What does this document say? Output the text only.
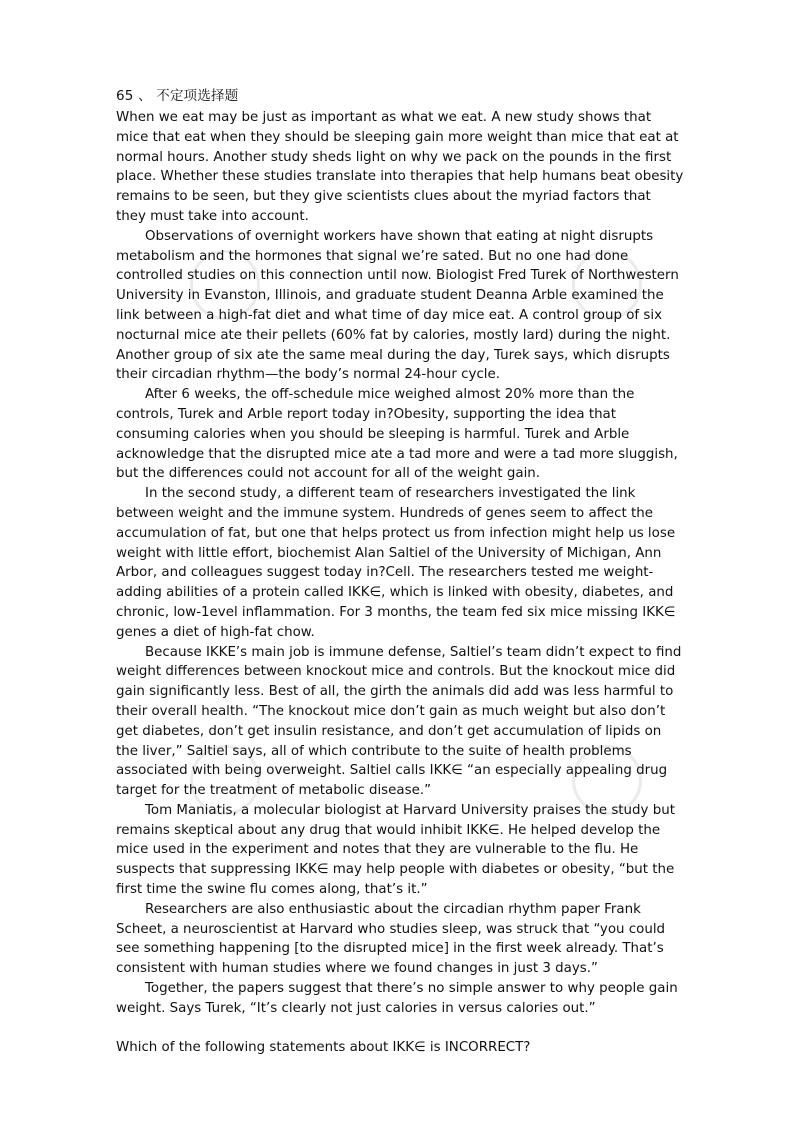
65 、 不定项选择题

When we eat may be just as important as what we eat. A new study shows that mice that eat when they should be sleeping gain more weight than mice that eat at normal hours. Another study sheds light on why we pack on the pounds in the first place. Whether these studies translate into therapies that help humans beat obesity remains to be seen, but they give scientists clues about the myriad factors that they must take into account.

Observations of overnight workers have shown that eating at night disrupts metabolism and the hormones that signal we’re sated. But no one had done controlled studies on this connection until now. Biologist Fred Turek of Northwestern University in Evanston, Illinois, and graduate student Deanna Arble examined the link between a high-fat diet and what time of day mice eat. A control group of six nocturnal mice ate their pellets (60% fat by calories, mostly lard) during the night. Another group of six ate the same meal during the day, Turek says, which disrupts their circadian rhythm—the body’s normal 24-hour cycle.

After 6 weeks, the off-schedule mice weighed almost 20% more than the controls, Turek and Arble report today in?Obesity, supporting the idea that consuming calories when you should be sleeping is harmful. Turek and Arble acknowledge that the disrupted mice ate a tad more and were a tad more sluggish, but the differences could not account for all of the weight gain.

In the second study, a different team of researchers investigated the link between weight and the immune system. Hundreds of genes seem to affect the accumulation of fat, but one that helps protect us from infection might help us lose weight with little effort, biochemist Alan Saltiel of the University of Michigan, Ann Arbor, and colleagues suggest today in?Cell. The researchers tested me weight-adding abilities of a protein called IKK∈, which is linked with obesity, diabetes, and chronic, low-1evel inflammation. For 3 months, the team fed six mice missing IKK∈ genes a diet of high-fat chow.

Because IKKE’s main job is immune defense, Saltiel’s team didn’t expect to find weight differences between knockout mice and controls. But the knockout mice did gain significantly less. Best of all, the girth the animals did add was less harmful to their overall health. “The knockout mice don’t gain as much weight but also don’t get diabetes, don’t get insulin resistance, and don’t get accumulation of lipids on the liver,” Saltiel says, all of which contribute to the suite of health problems associated with being overweight. Saltiel calls IKK∈ “an especially appealing drug target for the treatment of metabolic disease.”

Tom Maniatis, a molecular biologist at Harvard University praises the study but remains skeptical about any drug that would inhibit IKK∈. He helped develop the mice used in the experiment and notes that they are vulnerable to the flu. He suspects that suppressing IKK∈ may help people with diabetes or obesity, “but the first time the swine flu comes along, that’s it.”

Researchers are also enthusiastic about the circadian rhythm paper Frank Scheet, a neuroscientist at Harvard who studies sleep, was struck that “you could see something happening [to the disrupted mice] in the first week already. That’s consistent with human studies where we found changes in just 3 days.”

Together, the papers suggest that there’s no simple answer to why people gain weight. Says Turek, “It’s clearly not just calories in versus calories out.”

Which of the following statements about IKK∈ is INCORRECT?
